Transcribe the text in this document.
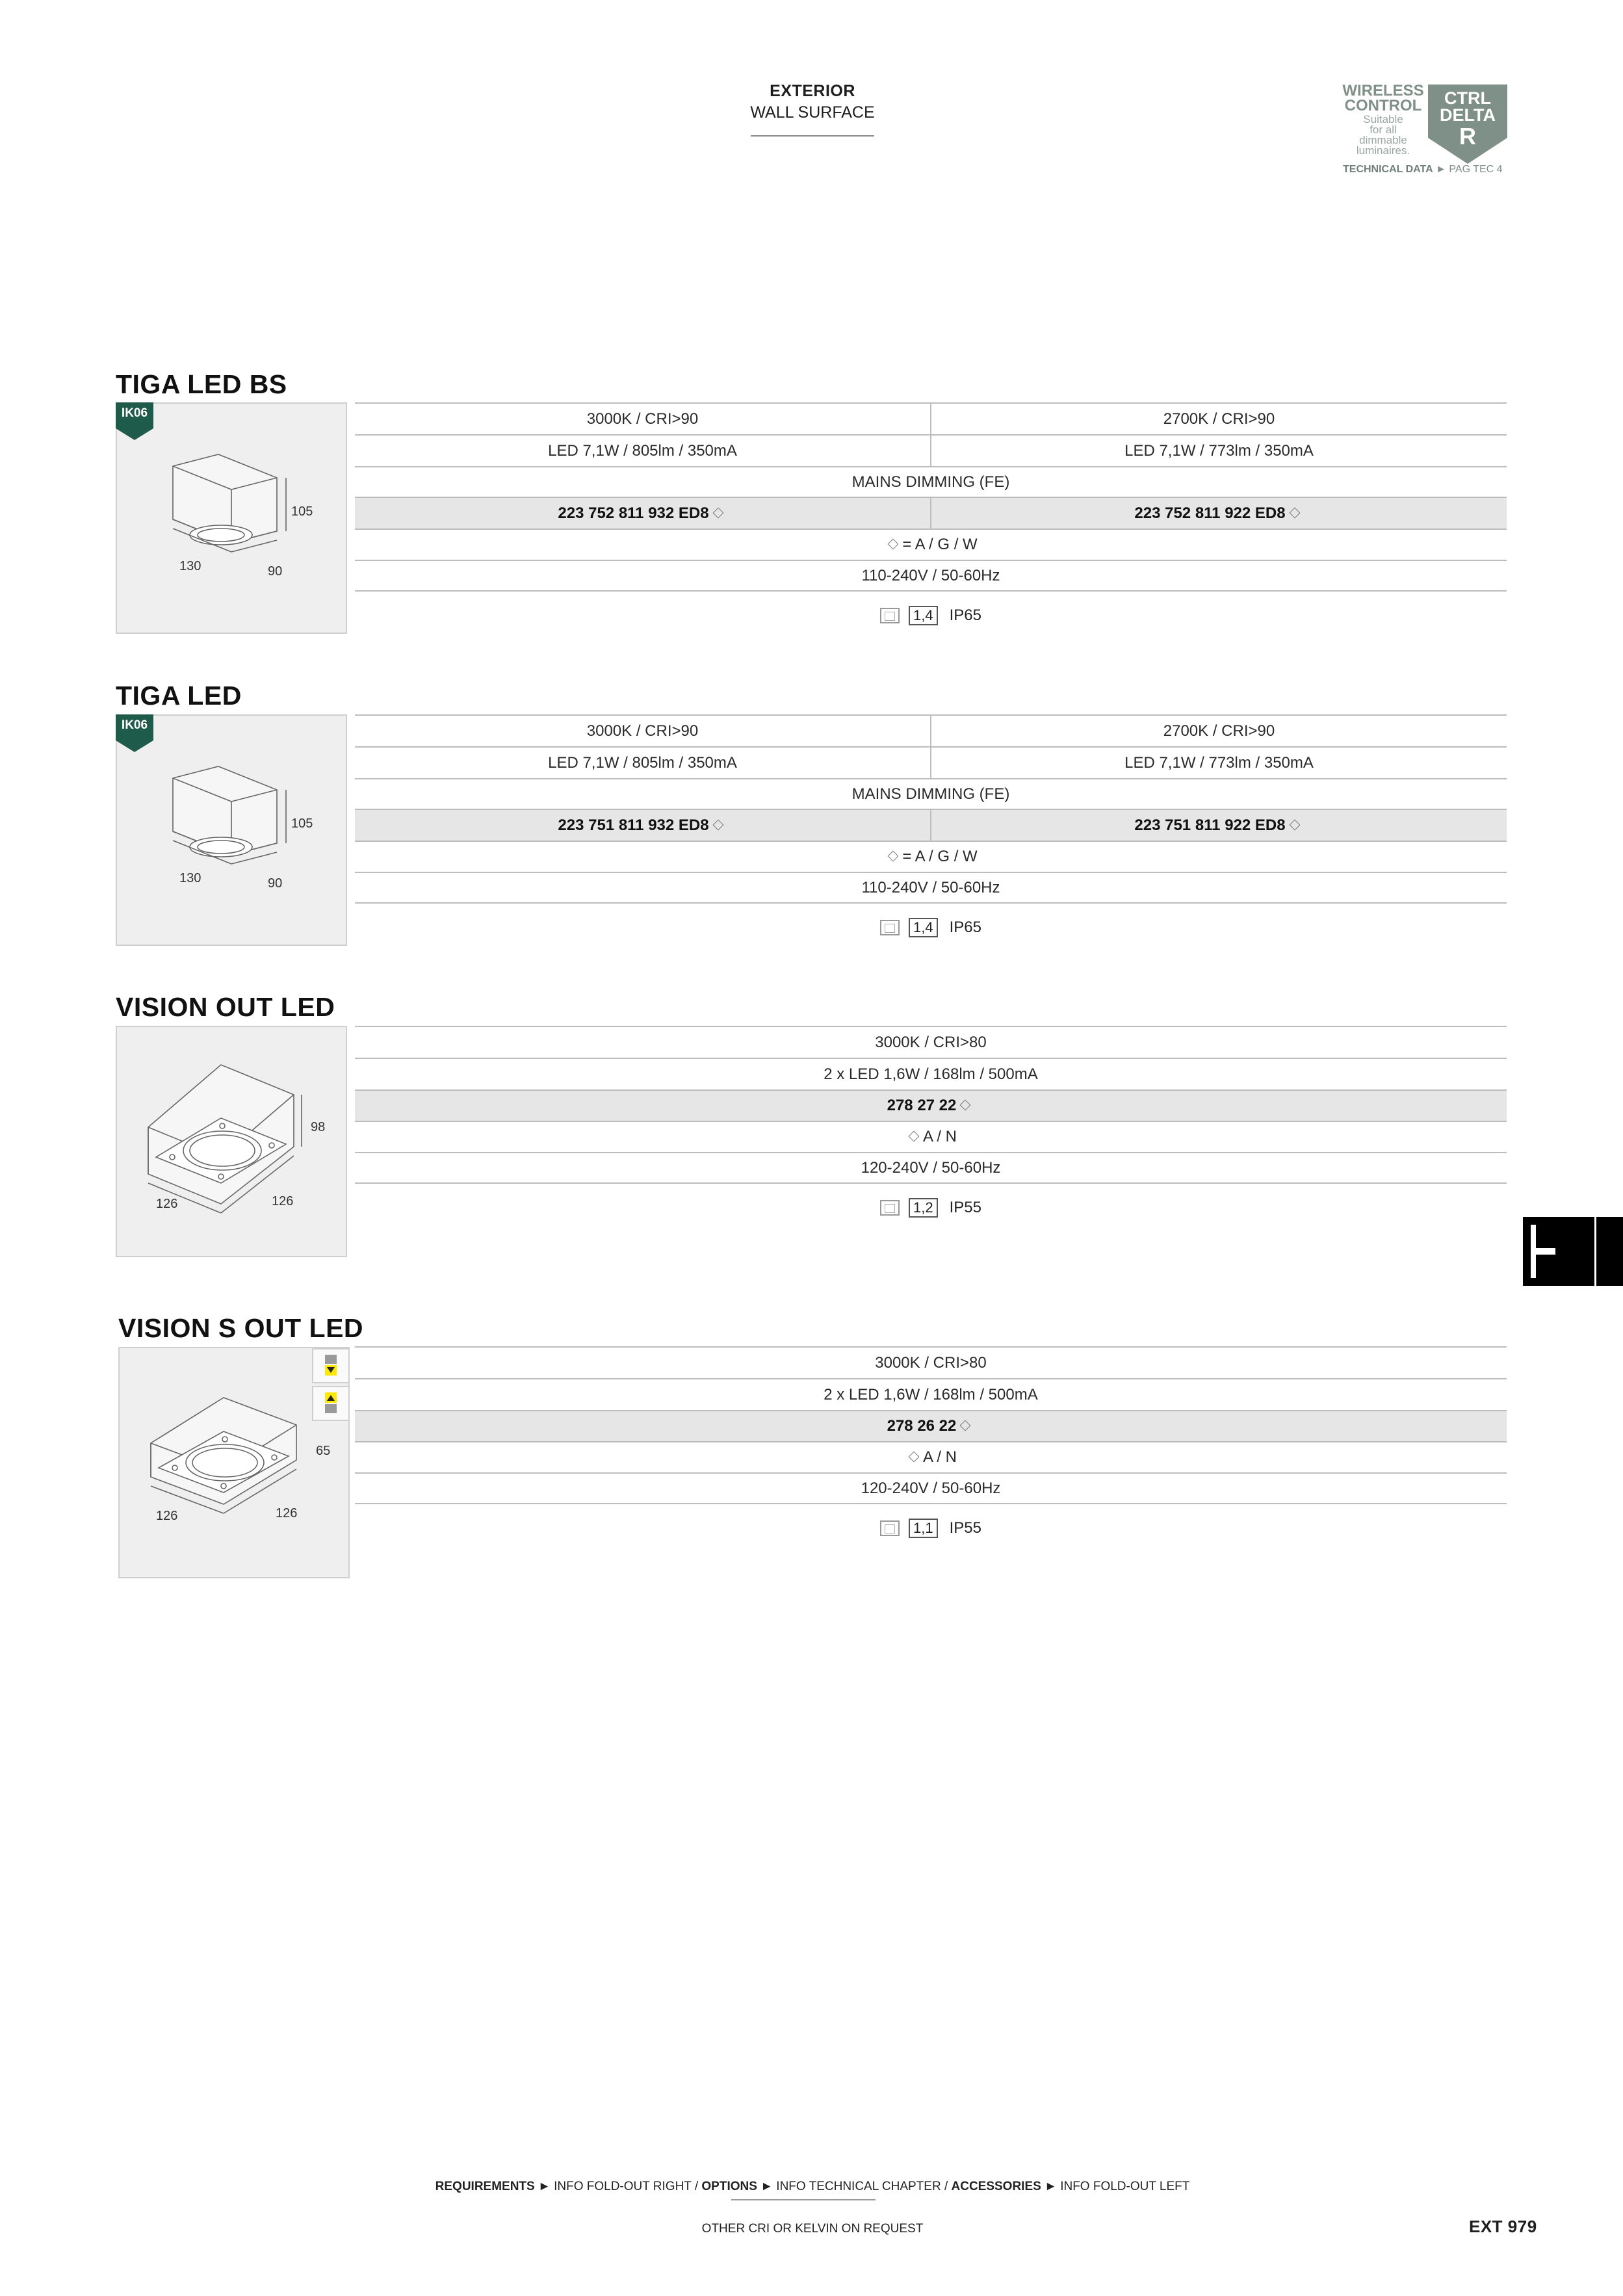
EXTERIOR
WALL SURFACE
WIRELESS
CONTROL
Suitable
for all
dimmable
luminaires.
CTRL
DELTA
R
TECHNICAL DATA ► PAG TEC 4
TIGA LED BS
105
130	90
IK06	3000K / CRI>90	2700K / CRI>90
LED 7,1W / 805lm / 350mA	LED 7,1W / 773lm / 350mA
MAINS DIMMING (FE)
223 752 811 932 ED8	223 752 811 922 ED8
= A / G / W
110-240V / 50-60Hz
1,4 IP65
TIGA LED
105
130	90
IK06	3000K / CRI>90	2700K / CRI>90
LED 7,1W / 805lm / 350mA	LED 7,1W / 773lm / 350mA
MAINS DIMMING (FE)
223 751 811 932 ED8	223 751 811 922 ED8
= A / G / W
110-240V / 50-60Hz
1,4 IP65
VISION OUT LED
98
126	126
3000K / CRI>80
2 x LED 1,6W / 168lm / 500mA
278 27 22
A / N
120-240V / 50-60Hz
1,2 IP55
VISION S OUT LED
65
126	126
3000K / CRI>80
2 x LED 1,6W / 168lm / 500mA
278 26 22
A / N
120-240V / 50-60Hz
1,1 IP55
REQUIREMENTS ► INFO FOLD-OUT RIGHT / OPTIONS ► INFO TECHNICAL CHAPTER / ACCESSORIES ► INFO FOLD-OUT LEFT
OTHER CRI OR KELVIN ON REQUEST	EXT 979
